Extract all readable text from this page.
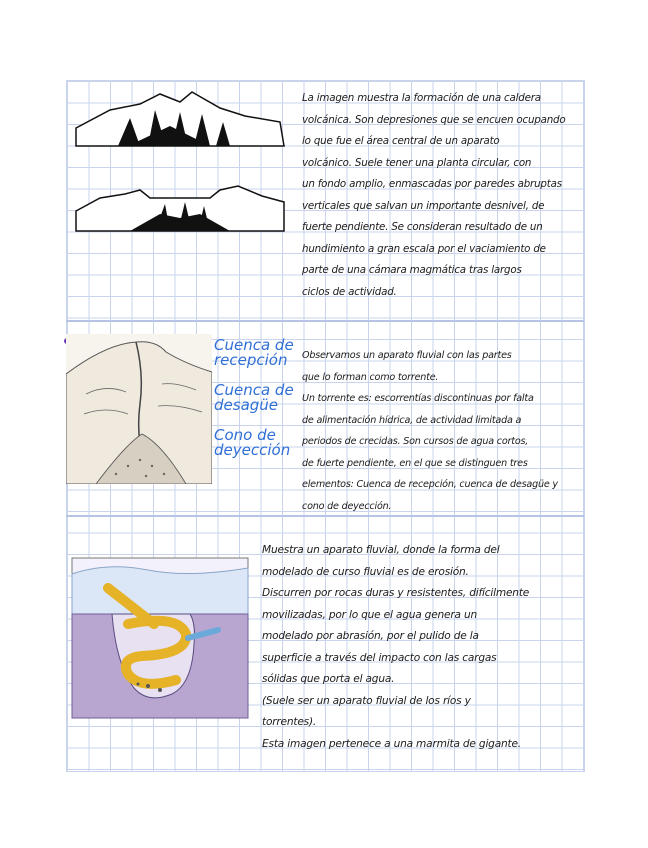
La imagen muestra la formación de una caldera
volcánica. Son depresiones que se encuen ocupando
lo que fue el área central de un aparato
volcánico. Suele tener una planta circular, con
un fondo amplio, enmascadas por paredes abruptas
verticales que salvan un importante desnivel, de
fuerte pendiente. Se consideran resultado de un
hundimiento a gran escala por el vaciamiento de
parte de una cámara magmática tras largos
ciclos de actividad.
Cuenca de recepción
Cuenca de desagüe
Cono de deyección
Observamos un aparato fluvial con las partes
que lo forman como torrente.
Un torrente es: escorrentías discontinuas por falta
de alimentación hídrica, de actividad limitada a
periodos de crecidas. Son cursos de agua cortos,
de fuerte pendiente, en el que se distinguen tres
elementos: Cuenca de recepción, cuenca de desagüe y
cono de deyección.
Muestra un aparato fluvial, donde la forma del
modelado de curso fluvial es de erosión.
Discurren por rocas duras y resistentes, difícilmente
movilizadas, por lo que el agua genera un
modelado por abrasión, por el pulido de la
superficie a través del impacto con las cargas
sólidas que porta el agua.
(Suele ser un aparato fluvial de los ríos y
torrentes).
Esta imagen pertenece a una marmita de gigante.
